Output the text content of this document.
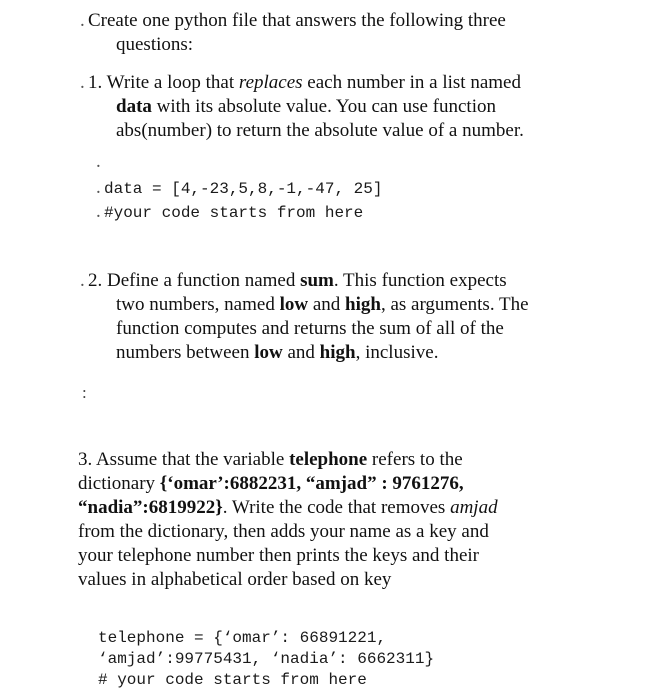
. Create one python file that answers the following three
questions:
. 1. Write a loop that replaces each number in a list named
data with its absolute value. You can use function
abs(number) to return the absolute value of a number.
.
. data = [4,-23,5,8,-1,-47, 25]
. #your code starts from here
. 2. Define a function named sum. This function expects
two numbers, named low and high, as arguments. The
function computes and returns the sum of all of the
numbers between low and high, inclusive.
:
3. Assume that the variable telephone refers to the
dictionary {‘omar’:6882231, “amjad” : 9761276,
“nadia”:6819922}. Write the code that removes amjad
from the dictionary, then adds your name as a key and
your telephone number then prints the keys and their
values in alphabetical order based on key
telephone = {‘omar’: 66891221,
‘amjad’:99775431, ‘nadia’: 6662311}
# your code starts from here
